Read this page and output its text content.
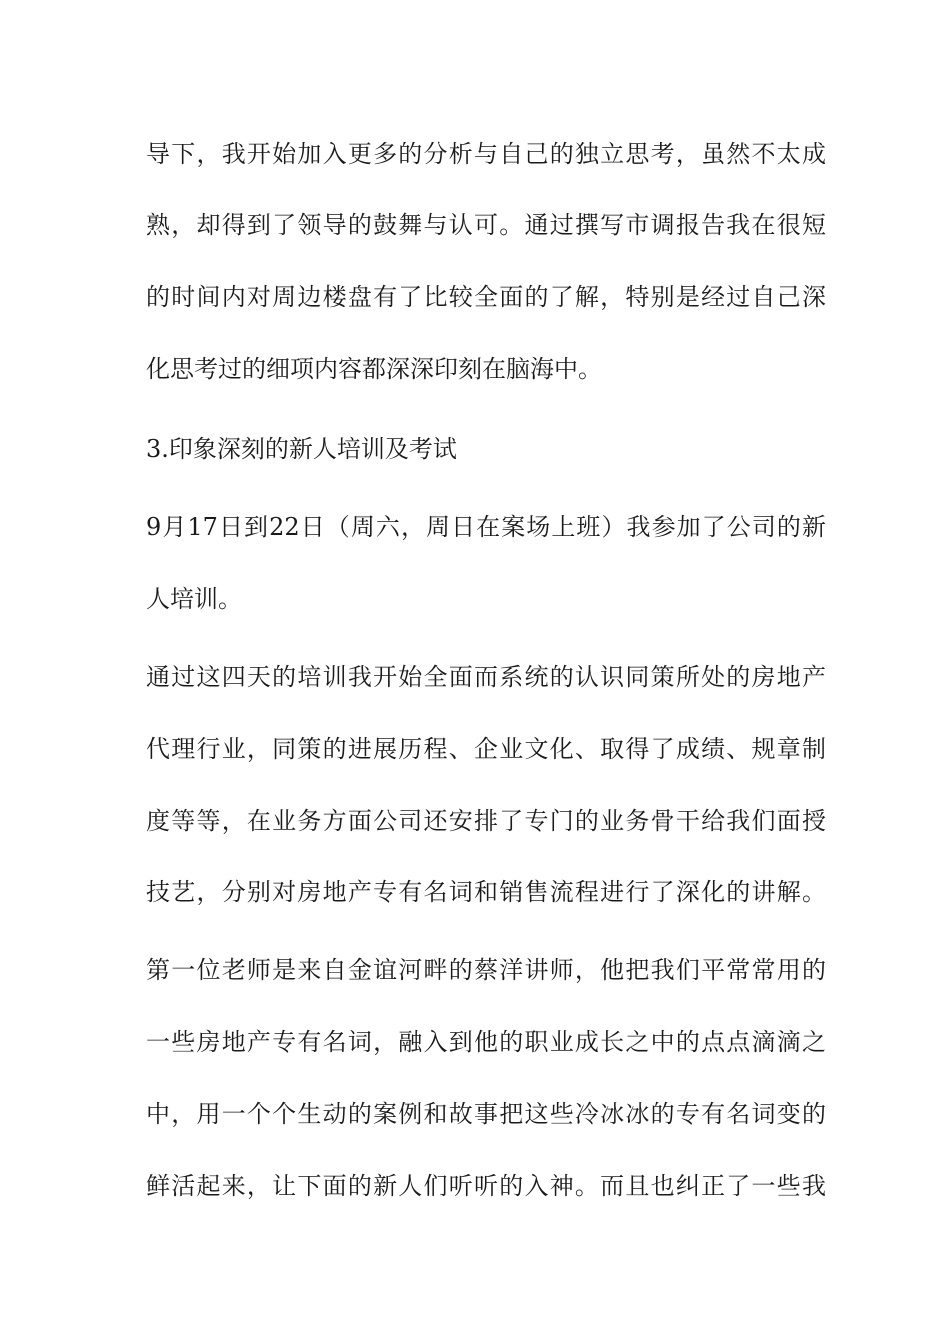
导下，我开始加入更多的分析与自己的独立思考，虽然不太成
熟，却得到了领导的鼓舞与认可。通过撰写市调报告我在很短
的时间内对周边楼盘有了比较全面的了解，特别是经过自己深
化思考过的细项内容都深深印刻在脑海中。
3.印象深刻的新人培训及考试
9月17日到22日（周六，周日在案场上班）我参加了公司的新
人培训。
通过这四天的培训我开始全面而系统的认识同策所处的房地产
代理行业，同策的进展历程、企业文化、取得了成绩、规章制
度等等，在业务方面公司还安排了专门的业务骨干给我们面授
技艺，分别对房地产专有名词和销售流程进行了深化的讲解。
第一位老师是来自金谊河畔的蔡洋讲师，他把我们平常常用的
一些房地产专有名词，融入到他的职业成长之中的点点滴滴之
中，用一个个生动的案例和故事把这些冷冰冰的专有名词变的
鲜活起来，让下面的新人们听听的入神。而且也纠正了一些我
